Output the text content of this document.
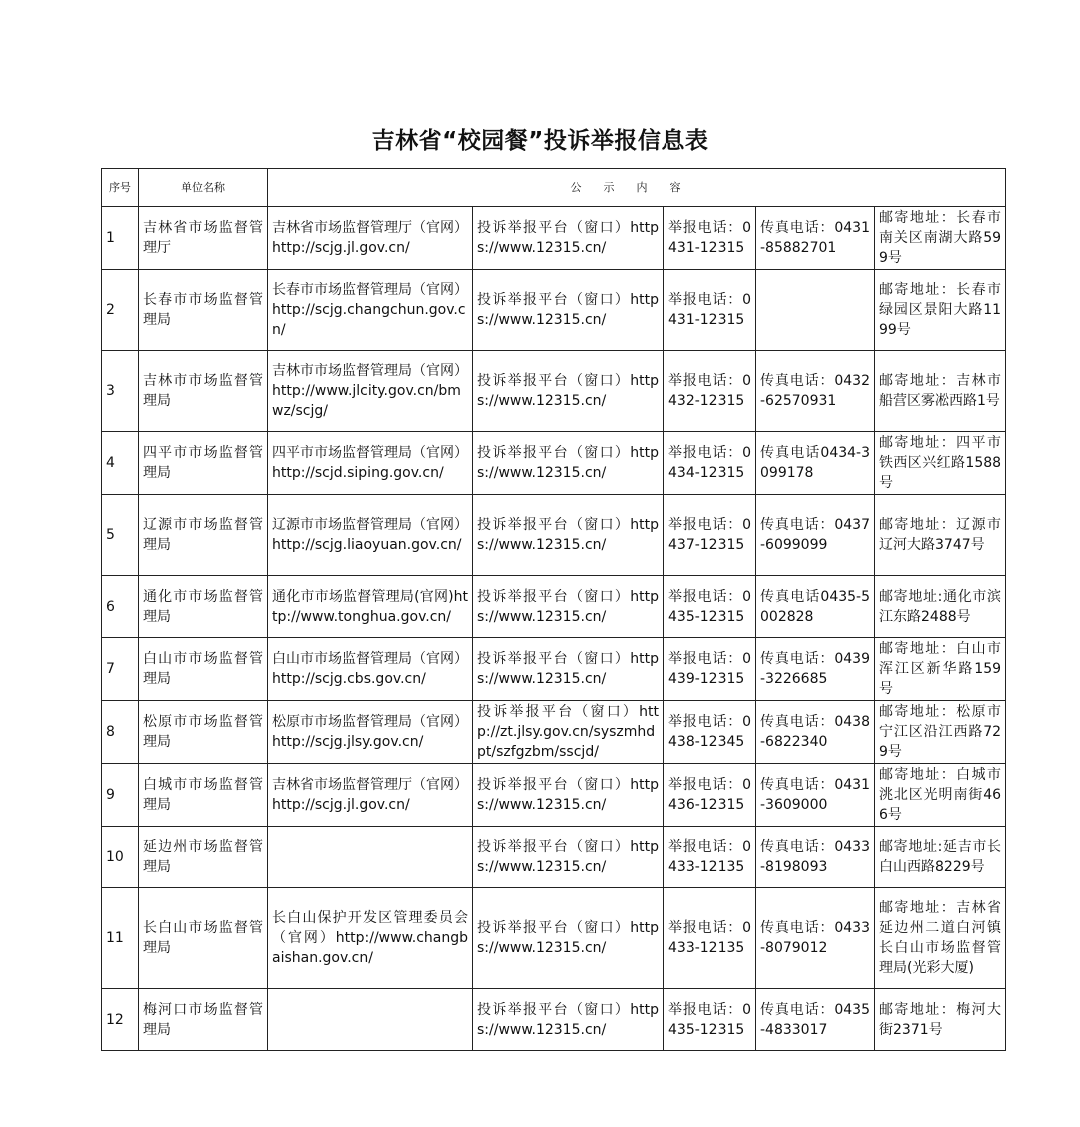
吉林省“校园餐”投诉举报信息表
序号	单位名称	公示内容				
1	吉林省市场监督管理厅	吉林省市场监督管理厅（官网）http://scjg.jl.gov.cn/	投诉举报平台（窗口）https://www.12315.cn/	举报电话：0431-12315	传真电话：0431-85882701	邮寄地址：长春市南关区南湖大路599号
2	长春市市场监督管理局	长春市市场监督管理局（官网）http://scjg.changchun.gov.cn/	投诉举报平台（窗口）https://www.12315.cn/	举报电话：0431-12315		邮寄地址：长春市绿园区景阳大路1199号
3	吉林市市场监督管理局	吉林市市场监督管理局（官网）http://www.jlcity.gov.cn/bmwz/scjg/	投诉举报平台（窗口）https://www.12315.cn/	举报电话：0432-12315	传真电话：0432-62570931	邮寄地址：吉林市船营区雾凇西路1号
4	四平市市场监督管理局	四平市市场监督管理局（官网）http://scjd.siping.gov.cn/	投诉举报平台（窗口）https://www.12315.cn/	举报电话：0434-12315	传真电话0434-3099178	邮寄地址：四平市铁西区兴红路1588号
5	辽源市市场监督管理局	辽源市市场监督管理局（官网）http://scjg.liaoyuan.gov.cn/	投诉举报平台（窗口）https://www.12315.cn/	举报电话：0437-12315	传真电话：0437-6099099	邮寄地址：辽源市辽河大路3747号
6	通化市市场监督管理局	通化市市场监督管理局(官网)http://www.tonghua.gov.cn/	投诉举报平台（窗口）https://www.12315.cn/	举报电话：0435-12315	传真电话0435-5002828	邮寄地址:通化市滨江东路2488号
7	白山市市场监督管理局	白山市市场监督管理局（官网）http://scjg.cbs.gov.cn/	投诉举报平台（窗口）https://www.12315.cn/	举报电话：0439-12315	传真电话：0439-3226685	邮寄地址：白山市浑江区新华路159号
8	松原市市场监督管理局	松原市市场监督管理局（官网）http://scjg.jlsy.gov.cn/	投诉举报平台（窗口）http://zt.jlsy.gov.cn/syszmhdpt/szfgzbm/sscjd/	举报电话：0438-12345	传真电话：0438-6822340	邮寄地址：松原市宁江区沿江西路729号
9	白城市市场监督管理局	吉林省市场监督管理厅（官网）http://scjg.jl.gov.cn/	投诉举报平台（窗口）https://www.12315.cn/	举报电话：0436-12315	传真电话：0431-3609000	邮寄地址：白城市洮北区光明南街466号
10	延边州市场监督管理局		投诉举报平台（窗口）https://www.12315.cn/	举报电话：0433-12135	传真电话：0433-8198093	邮寄地址:延吉市长白山西路8229号
11	长白山市场监督管理局	长白山保护开发区管理委员会（官网）http://www.changbaishan.gov.cn/	投诉举报平台（窗口）https://www.12315.cn/	举报电话：0433-12135	传真电话：0433-8079012	邮寄地址：吉林省延边州二道白河镇长白山市场监督管理局(光彩大厦)
12	梅河口市场监督管理局		投诉举报平台（窗口）https://www.12315.cn/	举报电话：0435-12315	传真电话：0435-4833017	邮寄地址：梅河大街2371号
